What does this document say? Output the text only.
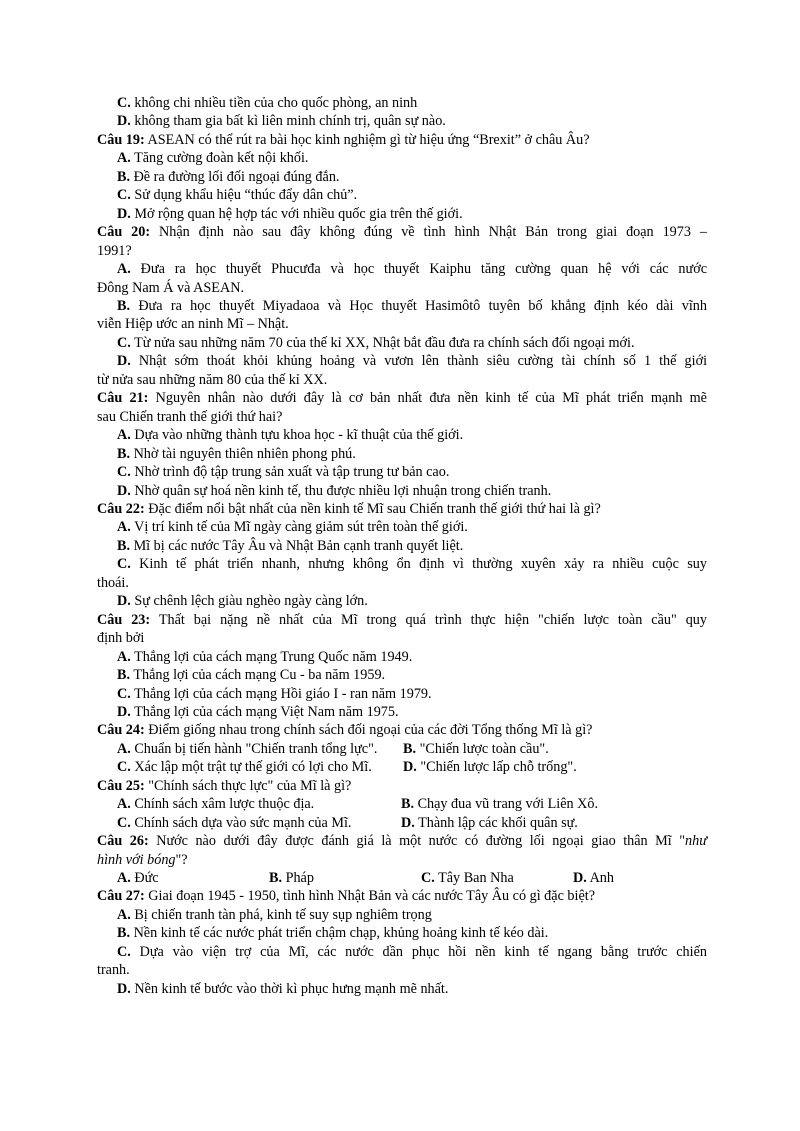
C. không chi nhiều tiền của cho quốc phòng, an ninh
D. không tham gia bất kì liên minh chính trị, quân sự nào.
Câu 19: ASEAN có thể rút ra bài học kinh nghiệm gì từ hiệu ứng “Brexit” ở châu Âu?
A. Tăng cường đoàn kết nội khối.
B. Đề ra đường lối đối ngoại đúng đắn.
C. Sử dụng khẩu hiệu “thúc đẩy dân chủ”.
D. Mở rộng quan hệ hợp tác với nhiều quốc gia trên thế giới.
Câu 20: Nhận định nào sau đây không đúng về tình hình Nhật Bản trong giai đoạn 1973 –
1991?
A. Đưa ra học thuyết Phucưđa và học thuyết Kaiphu tăng cường quan hệ với các nước
Đông Nam Á và ASEAN.
B. Đưa ra học thuyết Miyadaoa và Học thuyết Hasimôtô tuyên bố khẳng định kéo dài vĩnh
viễn Hiệp ước an ninh Mĩ – Nhật.
C. Từ nửa sau những năm 70 của thế kỉ XX, Nhật bắt đầu đưa ra chính sách đối ngoại mới.
D. Nhật sớm thoát khỏi khủng hoảng và vươn lên thành siêu cường tài chính số 1 thế giới
từ nửa sau những năm 80 của thế kỉ XX.
Câu 21: Nguyên nhân nào dưới đây là cơ bản nhất đưa nền kinh tế của Mĩ phát triển mạnh mẽ
sau Chiến tranh thế giới thứ hai?
A. Dựa vào những thành tựu khoa học - kĩ thuật của thế giới.
B. Nhờ tài nguyên thiên nhiên phong phú.
C. Nhờ trình độ tập trung sản xuất và tập trung tư bản cao.
D. Nhờ quân sự hoá nền kinh tế, thu được nhiều lợi nhuận trong chiến tranh.
Câu 22: Đặc điểm nổi bật nhất của nền kinh tế Mĩ sau Chiến tranh thế giới thứ hai là gì?
A. Vị trí kinh tế của Mĩ ngày càng giảm sút trên toàn thế giới.
B. Mĩ bị các nước Tây Âu và Nhật Bản cạnh tranh quyết liệt.
C. Kinh tế phát triển nhanh, nhưng không ổn định vì thường xuyên xảy ra nhiều cuộc suy
thoái.
D. Sự chênh lệch giàu nghèo ngày càng lớn.
Câu 23: Thất bại nặng nề nhất của Mĩ trong quá trình thực hiện "chiến lược toàn cầu" quy
định bởi
A. Thắng lợi của cách mạng Trung Quốc năm 1949.
B. Thắng lợi của cách mạng Cu - ba năm 1959.
C. Thắng lợi của cách mạng Hồi giáo I - ran năm 1979.
D. Thắng lợi của cách mạng Việt Nam năm 1975.
Câu 24: Điểm giống nhau trong chính sách đối ngoại của các đời Tổng thống Mĩ là gì?
A. Chuẩn bị tiến hành "Chiến tranh tổng lực".	B. "Chiến lược toàn cầu".
C. Xác lập một trật tự thế giới có lợi cho Mĩ.	D. "Chiến lược lấp chỗ trống".
Câu 25: "Chính sách thực lực" của Mĩ là gì?
A. Chính sách xâm lược thuộc địa.	B. Chạy đua vũ trang với Liên Xô.
C. Chính sách dựa vào sức mạnh của Mĩ.	D. Thành lập các khối quân sự.
Câu 26: Nước nào dưới đây được đánh giá là một nước có đường lối ngoại giao thân Mĩ "như
hình với bóng"?
A. Đức	B. Pháp	C. Tây Ban Nha	D. Anh
Câu 27: Giai đoạn 1945 - 1950, tình hình Nhật Bản và các nước Tây Âu có gì đặc biệt?
A. Bị chiến tranh tàn phá, kinh tế suy sụp nghiêm trọng
B. Nền kinh tế các nước phát triển chậm chạp, khủng hoảng kinh tế kéo dài.
C. Dựa vào viện trợ của Mĩ, các nước dần phục hồi nền kinh tế ngang bằng trước chiến
tranh.
D. Nền kinh tế bước vào thời kì phục hưng mạnh mẽ nhất.
